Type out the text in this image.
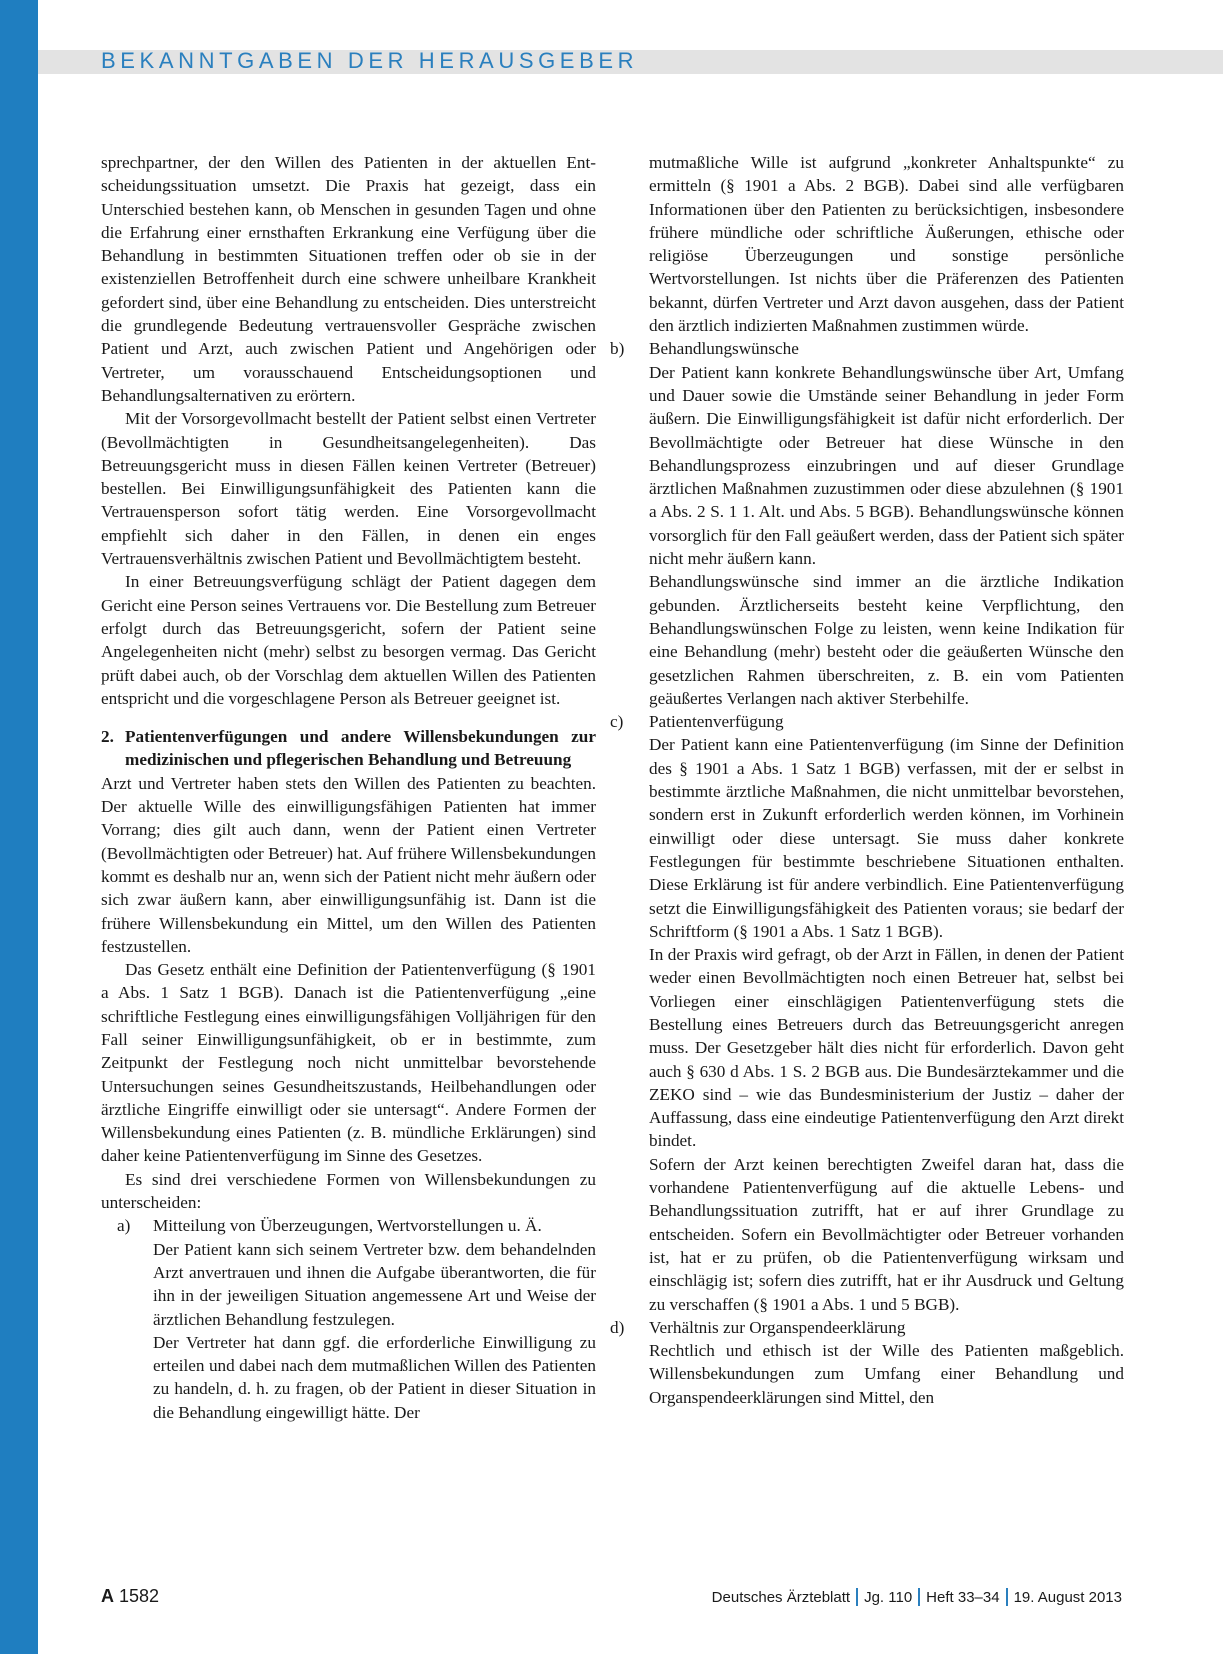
BEKANNTGABEN DER HERAUSGEBER

sprechpartner, der den Willen des Patienten in der aktuellen Entscheidungssituation umsetzt. Die Praxis hat gezeigt, dass ein Unterschied bestehen kann, ob Menschen in gesunden Tagen und ohne die Erfahrung einer ernsthaften Erkrankung eine Verfügung über die Behandlung in bestimmten Situationen treffen oder ob sie in der existenziellen Betroffenheit durch eine schwere unheilbare Krankheit gefordert sind, über eine Behandlung zu entscheiden. Dies unterstreicht die grundlegende Bedeutung vertrauensvoller Gespräche zwischen Patient und Arzt, auch zwischen Patient und Angehörigen oder Vertreter, um vorausschauend Entscheidungsoptionen und Behandlungsalternativen zu erörtern.

Mit der Vorsorgevollmacht bestellt der Patient selbst einen Vertreter (Bevollmächtigten in Gesundheitsangelegenheiten). Das Betreuungsgericht muss in diesen Fällen keinen Vertreter (Betreuer) bestellen. Bei Einwilligungsunfähigkeit des Patienten kann die Vertrauensperson sofort tätig werden. Eine Vorsorgevollmacht empfiehlt sich daher in den Fällen, in denen ein enges Vertrauensverhältnis zwischen Patient und Bevollmächtigtem besteht.

In einer Betreuungsverfügung schlägt der Patient dagegen dem Gericht eine Person seines Vertrauens vor. Die Bestellung zum Betreuer erfolgt durch das Betreuungsgericht, sofern der Patient seine Angelegenheiten nicht (mehr) selbst zu besorgen vermag. Das Gericht prüft dabei auch, ob der Vorschlag dem aktuellen Willen des Patienten entspricht und die vorgeschlagene Person als Betreuer geeignet ist.

2. Patientenverfügungen und andere Willensbekundungen zur medizinischen und pflegerischen Behandlung und Betreuung

Arzt und Vertreter haben stets den Willen des Patienten zu beachten. Der aktuelle Wille des einwilligungsfähigen Patienten hat immer Vorrang; dies gilt auch dann, wenn der Patient einen Vertreter (Bevollmächtigten oder Betreuer) hat. Auf frühere Willensbekundungen kommt es deshalb nur an, wenn sich der Patient nicht mehr äußern oder sich zwar äußern kann, aber einwilligungsunfähig ist. Dann ist die frühere Willensbekundung ein Mittel, um den Willen des Patienten festzustellen.

Das Gesetz enthält eine Definition der Patientenverfügung (§ 1901 a Abs. 1 Satz 1 BGB). Danach ist die Patientenverfügung „eine schriftliche Festlegung eines einwilligungsfähigen Volljährigen für den Fall seiner Einwilligungsunfähigkeit, ob er in bestimmte, zum Zeitpunkt der Festlegung noch nicht unmittelbar bevorstehende Untersuchungen seines Gesundheitszustands, Heilbehandlungen oder ärztliche Eingriffe einwilligt oder sie untersagt“. Andere Formen der Willensbekundung eines Patienten (z. B. mündliche Erklärungen) sind daher keine Patientenverfügung im Sinne des Gesetzes.

Es sind drei verschiedene Formen von Willensbekundungen zu unterscheiden:

a)	Mitteilung von Überzeugungen, Wertvorstellungen u. Ä.

Der Patient kann sich seinem Vertreter bzw. dem behandelnden Arzt anvertrauen und ihnen die Aufgabe überantworten, die für ihn in der jeweiligen Situation angemessene Art und Weise der ärztlichen Behandlung festzulegen.

Der Vertreter hat dann ggf. die erforderliche Einwilligung zu erteilen und dabei nach dem mutmaßlichen Willen des Patienten zu handeln, d. h. zu fragen, ob der Patient in dieser Situation in die Behandlung eingewilligt hätte. Der

mutmaßliche Wille ist aufgrund „konkreter Anhaltspunkte“ zu ermitteln (§ 1901 a Abs. 2 BGB). Dabei sind alle verfügbaren Informationen über den Patienten zu berücksichtigen, insbesondere frühere mündliche oder schriftliche Äußerungen, ethische oder religiöse Überzeugungen und sonstige persönliche Wertvorstellungen. Ist nichts über die Präferenzen des Patienten bekannt, dürfen Vertreter und Arzt davon ausgehen, dass der Patient den ärztlich indizierten Maßnahmen zustimmen würde.

b)	Behandlungswünsche

Der Patient kann konkrete Behandlungswünsche über Art, Umfang und Dauer sowie die Umstände seiner Behandlung in jeder Form äußern. Die Einwilligungsfähigkeit ist dafür nicht erforderlich. Der Bevollmächtigte oder Betreuer hat diese Wünsche in den Behandlungsprozess einzubringen und auf dieser Grundlage ärztlichen Maßnahmen zuzustimmen oder diese abzulehnen (§ 1901 a Abs. 2 S. 1 1. Alt. und Abs. 5 BGB). Behandlungswünsche können vorsorglich für den Fall geäußert werden, dass der Patient sich später nicht mehr äußern kann.

Behandlungswünsche sind immer an die ärztliche Indikation gebunden. Ärztlicherseits besteht keine Verpflichtung, den Behandlungswünschen Folge zu leisten, wenn keine Indikation für eine Behandlung (mehr) besteht oder die geäußerten Wünsche den gesetzlichen Rahmen überschreiten, z. B. ein vom Patienten geäußertes Verlangen nach aktiver Sterbehilfe.

c)	Patientenverfügung

Der Patient kann eine Patientenverfügung (im Sinne der Definition des § 1901 a Abs. 1 Satz 1 BGB) verfassen, mit der er selbst in bestimmte ärztliche Maßnahmen, die nicht unmittelbar bevorstehen, sondern erst in Zukunft erforderlich werden können, im Vorhinein einwilligt oder diese untersagt. Sie muss daher konkrete Festlegungen für bestimmte beschriebene Situationen enthalten. Diese Erklärung ist für andere verbindlich. Eine Patientenverfügung setzt die Einwilligungsfähigkeit des Patienten voraus; sie bedarf der Schriftform (§ 1901 a Abs. 1 Satz 1 BGB).

In der Praxis wird gefragt, ob der Arzt in Fällen, in denen der Patient weder einen Bevollmächtigten noch einen Betreuer hat, selbst bei Vorliegen einer einschlägigen Patientenverfügung stets die Bestellung eines Betreuers durch das Betreuungsgericht anregen muss. Der Gesetzgeber hält dies nicht für erforderlich. Davon geht auch § 630 d Abs. 1 S. 2 BGB aus. Die Bundesärztekammer und die ZEKO sind – wie das Bundesministerium der Justiz – daher der Auffassung, dass eine eindeutige Patientenverfügung den Arzt direkt bindet.

Sofern der Arzt keinen berechtigten Zweifel daran hat, dass die vorhandene Patientenverfügung auf die aktuelle Lebens- und Behandlungssituation zutrifft, hat er auf ihrer Grundlage zu entscheiden. Sofern ein Bevollmächtigter oder Betreuer vorhanden ist, hat er zu prüfen, ob die Patientenverfügung wirksam und einschlägig ist; sofern dies zutrifft, hat er ihr Ausdruck und Geltung zu verschaffen (§ 1901 a Abs. 1 und 5 BGB).

d)	Verhältnis zur Organspendeerklärung

Rechtlich und ethisch ist der Wille des Patienten maßgeblich. Willensbekundungen zum Umfang einer Behandlung und Organspendeerklärungen sind Mittel, den

A 1582	Deutsches Ärzteblatt Jg. 110 Heft 33–34 19. August 2013
